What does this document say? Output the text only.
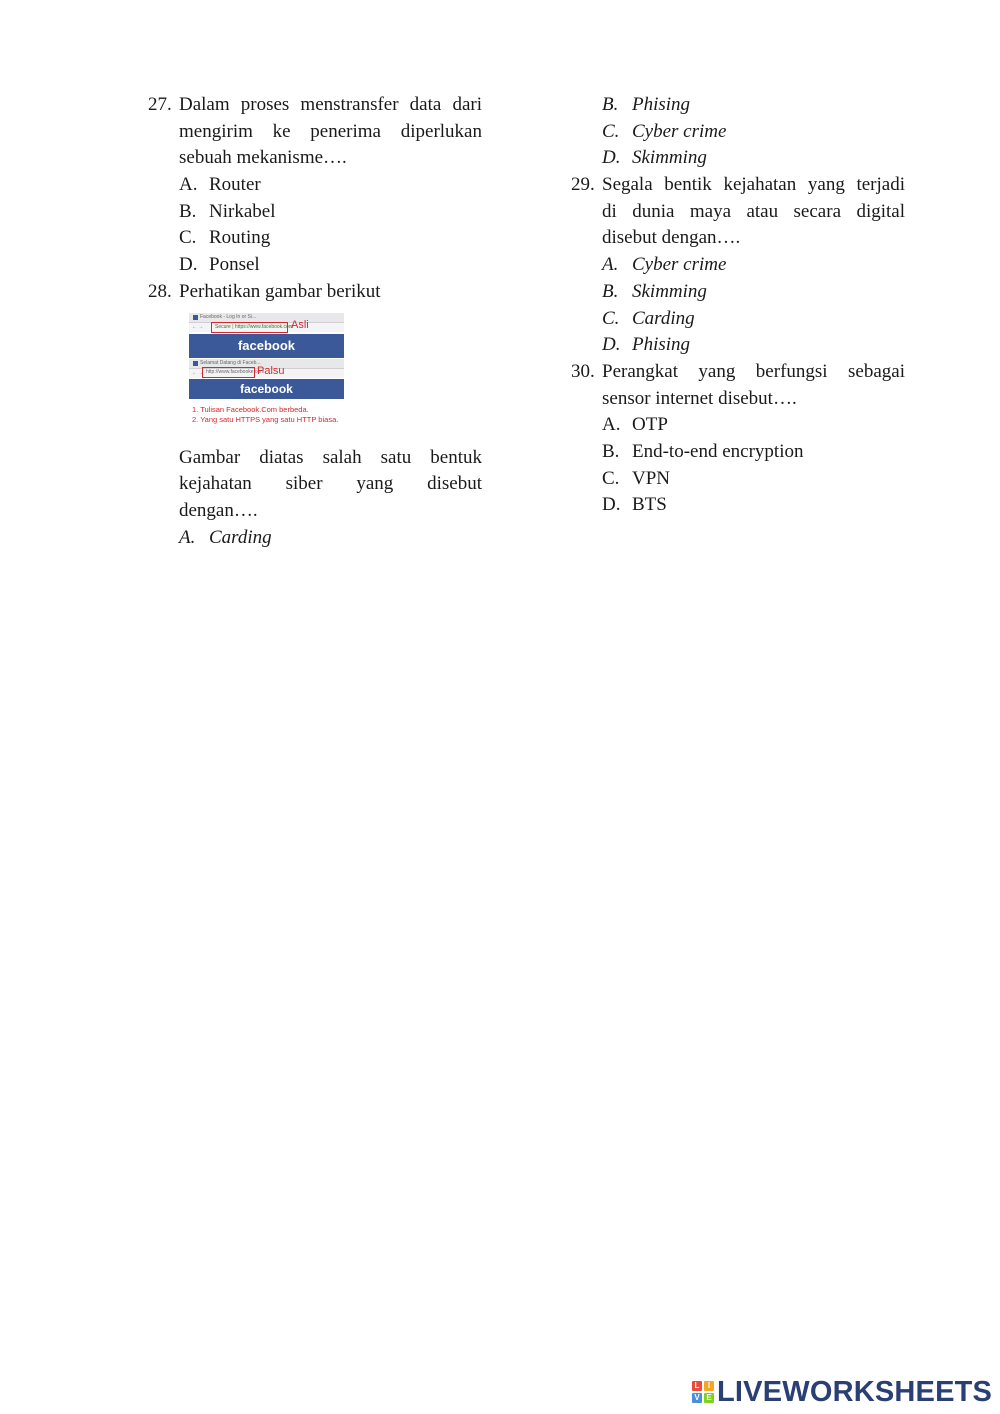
27. Dalam proses menstransfer data dari
mengirim ke penerima diperlukan
sebuah mekanisme….
A. Router
B. Nirkabel
C. Routing
D. Ponsel
28. Perhatikan gambar berikut
Facebook - Log In or Si...
← → Secure | https://www.facebook.com
Asli
facebook
Selamat Datang di Faceb...
← → http://www.facebooke.com
Palsu
facebook
1. Tulisan Facebook.Com berbeda.
2. Yang satu HTTPS yang satu HTTP biasa.
Gambar diatas salah satu bentuk
kejahatan siber yang disebut
dengan….
A. Carding
B. Phising
C. Cyber crime
D. Skimming
29. Segala bentik kejahatan yang terjadi
di dunia maya atau secara digital
disebut dengan….
A. Cyber crime
B. Skimming
C. Carding
D. Phising
30. Perangkat yang berfungsi sebagai
sensor internet disebut….
A. OTP
B. End-to-end encryption
C. VPN
D. BTS
L	I
V E LIVEWORKSHEETS
